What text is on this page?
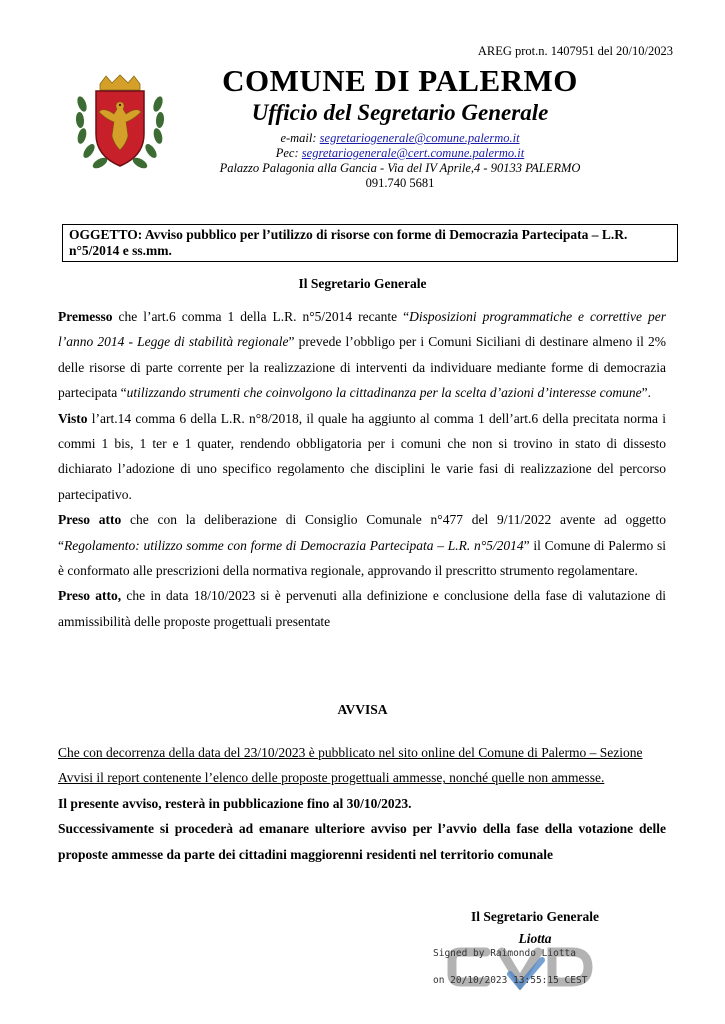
AREG prot.n. 1407951 del 20/10/2023
COMUNE DI PALERMO
Ufficio del Segretario Generale
e-mail: segretariogenerale@comune.palermo.it
Pec: segretariogenerale@cert.comune.palermo.it
Palazzo Palagonia alla Gancia - Via del IV Aprile,4 - 90133 PALERMO
091.740 5681
OGGETTO: Avviso pubblico per l’utilizzo di risorse con forme di Democrazia Partecipata – L.R. n°5/2014 e ss.mm.
Il Segretario Generale

Premesso che l’art.6 comma 1 della L.R. n°5/2014 recante “Disposizioni programmatiche e correttive per l’anno 2014 - Legge di stabilità regionale” prevede l’obbligo per i Comuni Siciliani di destinare almeno il 2% delle risorse di parte corrente per la realizzazione di interventi da individuare mediante forme di democrazia partecipata “utilizzando strumenti che coinvolgono la cittadinanza per la scelta d’azioni d’interesse comune”.

Visto l’art.14 comma 6 della L.R. n°8/2018, il quale ha aggiunto al comma 1 dell’art.6 della precitata norma i commi 1 bis, 1 ter e 1 quater, rendendo obbligatoria per i comuni che non si trovino in stato di dissesto dichiarato l’adozione di uno specifico regolamento che disciplini le varie fasi di realizzazione del percorso partecipativo.

Preso atto che con la deliberazione di Consiglio Comunale n°477 del 9/11/2022 avente ad oggetto “Regolamento: utilizzo somme con forme di Democrazia Partecipata – L.R. n°5/2014” il Comune di Palermo si è conformato alle prescrizioni della normativa regionale, approvando il prescritto strumento regolamentare.

Preso atto, che in data 18/10/2023 si è pervenuti alla definizione e conclusione della fase di valutazione di ammissibilità delle proposte progettuali presentate

AVVISA
Che con decorrenza della data del 23/10/2023 è pubblicato nel sito online del Comune di Palermo – Sezione Avvisi il report contenente l’elenco delle proposte progettuali ammesse, nonché quelle non ammesse.
Il presente avviso, resterà in pubblicazione fino al 30/10/2023.
Successivamente si procederà ad emanare ulteriore avviso per l’avvio della fase della votazione delle proposte ammesse da parte dei cittadini maggiorenni residenti nel territorio comunale
Il Segretario Generale
Liotta
Signed by Raimondo Liotta
on 20/10/2023 13:55:15 CEST
